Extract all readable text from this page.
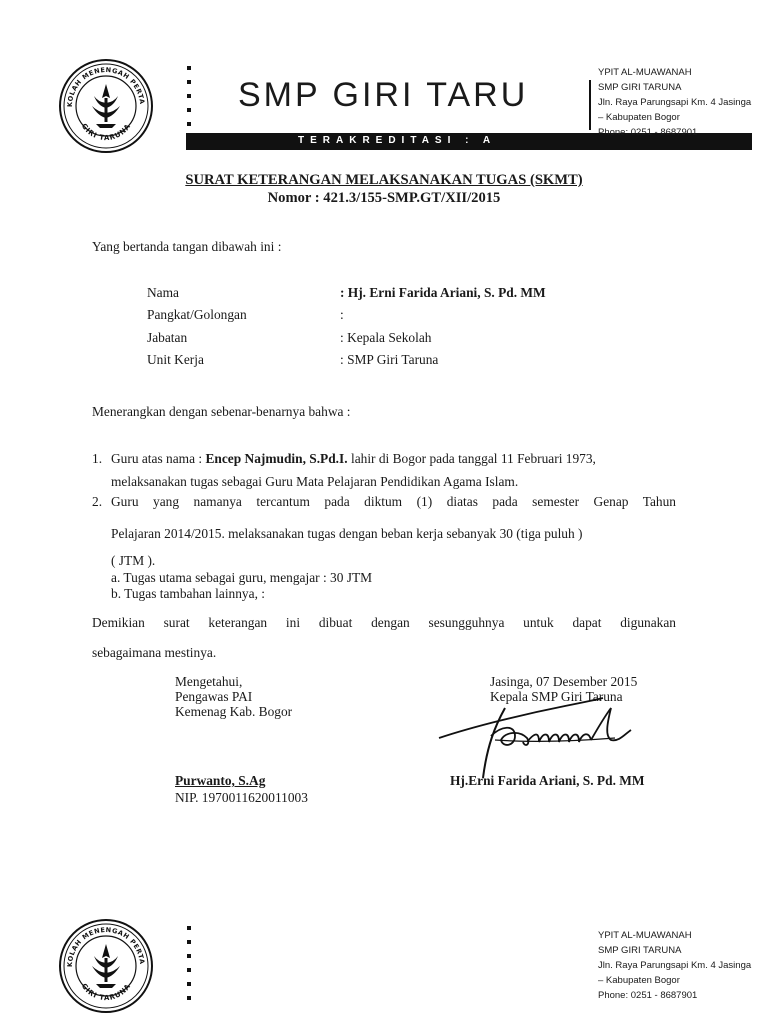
KOLAH MENENGAH PERTA
GIRI TARUNA
SMP GIRI TARU
TERAKREDITASI : A
YPIT AL-MUAWANAH
SMP GIRI TARUNA
Jln. Raya Parungsapi Km. 4 Jasinga
– Kabupaten Bogor
Phone: 0251 - 8687901
SURAT KETERANGAN MELAKSANAKAN TUGAS (SKMT)
Nomor : 421.3/155-SMP.GT/XII/2015
Yang bertanda tangan dibawah ini :
Nama	: Hj. Erni Farida Ariani, S. Pd. MM
Pangkat/Golongan	:
Jabatan	: Kepala Sekolah
Unit Kerja	: SMP Giri Taruna
Menerangkan dengan sebenar-benarnya bahwa :
1. Guru atas nama : Encep Najmudin, S.Pd.I. lahir di Bogor pada tanggal 11 Februari 1973,
melaksanakan tugas sebagai Guru Mata Pelajaran Pendidikan Agama Islam.
2. Guru yang namanya tercantum pada diktum (1) diatas pada semester Genap Tahun
Pelajaran 2014/2015. melaksanakan tugas dengan beban kerja sebanyak 30 (tiga puluh )
( JTM ).
a. Tugas utama sebagai guru, mengajar : 30 JTM
b. Tugas tambahan lainnya, :
Demikian surat keterangan ini dibuat dengan sesungguhnya untuk dapat digunakan
sebagaimana mestinya.
Mengetahui,
Pengawas PAI
Kemenag Kab. Bogor
Purwanto, S.Ag
NIP. 1970011620011003
Jasinga, 07 Desember 2015
Kepala SMP Giri Taruna
Hj.Erni Farida Ariani, S. Pd. MM
KOLAH MENENGAH PERTA
GIRI TARUNA
YPIT AL-MUAWANAH
SMP GIRI TARUNA
Jln. Raya Parungsapi Km. 4 Jasinga
– Kabupaten Bogor
Phone: 0251 - 8687901
